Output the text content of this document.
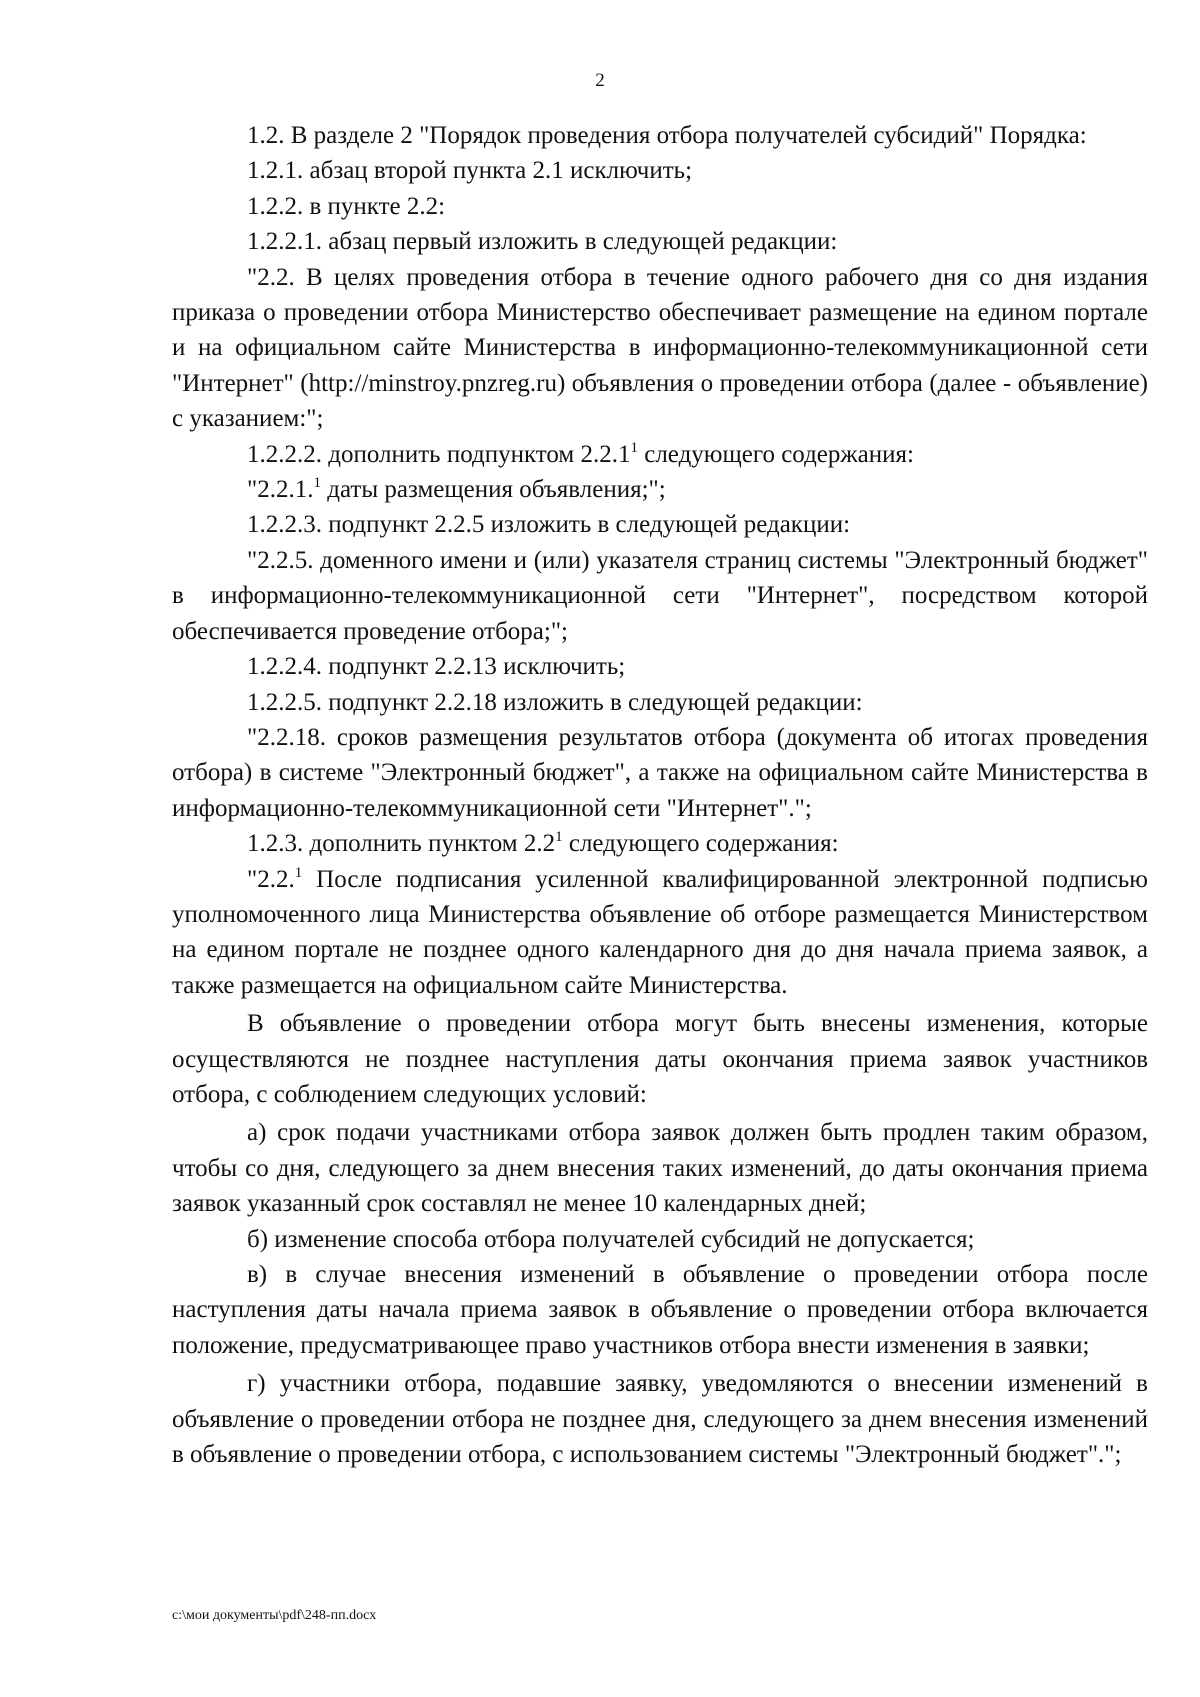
2

1.2. В разделе 2 "Порядок проведения отбора получателей субсидий" Порядка:

1.2.1. абзац второй пункта 2.1 исключить;

1.2.2. в пункте 2.2:

1.2.2.1. абзац первый изложить в следующей редакции:

"2.2. В целях проведения отбора в течение одного рабочего дня со дня издания приказа о проведении отбора Министерство обеспечивает размещение на едином портале и на официальном сайте Министерства в информационно-телекоммуникационной сети "Интернет" (http://minstroy.pnzreg.ru) объявления о проведении отбора (далее - объявление) с указанием:";

1.2.2.2. дополнить подпунктом 2.2.1$^1$ следующего содержания:

"2.2.1.$^1$ даты размещения объявления;";

1.2.2.3. подпункт 2.2.5 изложить в следующей редакции:

"2.2.5. доменного имени и (или) указателя страниц системы "Электронный бюджет" в информационно-телекоммуникационной сети "Интернет", посредством которой обеспечивается проведение отбора;";

1.2.2.4. подпункт 2.2.13 исключить;

1.2.2.5. подпункт 2.2.18 изложить в следующей редакции:

"2.2.18. сроков размещения результатов отбора (документа об итогах проведения отбора) в системе "Электронный бюджет", а также на официальном сайте Министерства в информационно-телекоммуникационной сети "Интернет".";

1.2.3. дополнить пунктом $2.2^1$ следующего содержания:

"2.2.$^1$ После подписания усиленной квалифицированной электронной подписью уполномоченного лица Министерства объявление об отборе размещается Министерством на едином портале не позднее одного календарного дня до дня начала приема заявок, а также размещается на официальном сайте Министерства.

В объявление о проведении отбора могут быть внесены изменения, которые осуществляются не позднее наступления даты окончания приема заявок участников отбора, с соблюдением следующих условий:

а) срок подачи участниками отбора заявок должен быть продлен таким образом, чтобы со дня, следующего за днем внесения таких изменений, до даты окончания приема заявок указанный срок составлял не менее 10 календарных дней;

б) изменение способа отбора получателей субсидий не допускается;

в) в случае внесения изменений в объявление о проведении отбора после наступления даты начала приема заявок в объявление о проведении отбора включается положение, предусматривающее право участников отбора внести изменения в заявки;

г) участники отбора, подавшие заявку, уведомляются о внесении изменений в объявление о проведении отбора не позднее дня, следующего за днем внесения изменений в объявление о проведении отбора, с использованием системы "Электронный бюджет".";

c:\мои документы\pdf\248-пп.docx
